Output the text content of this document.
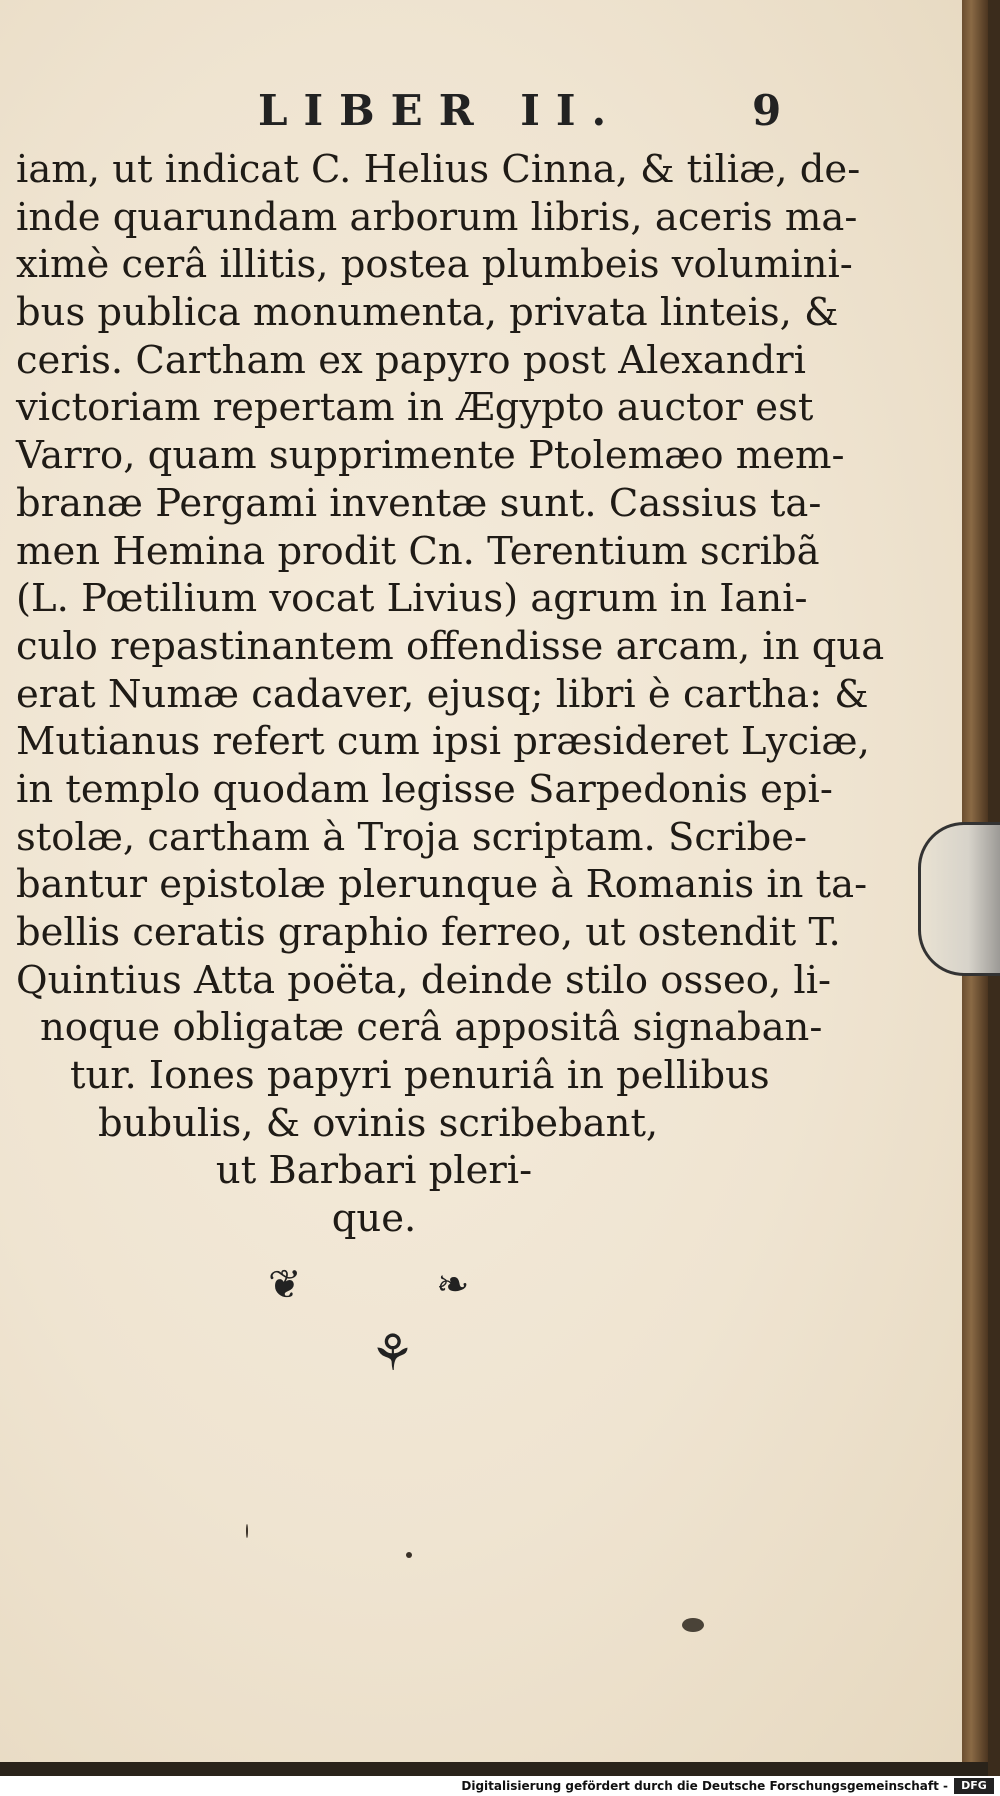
LIBER II.	9
iam, ut indicat C. Helius Cinna, & tiliæ, de-
inde quarundam arborum libris, aceris ma-
ximè cerâ illitis, postea plumbeis volumini-
bus publica monumenta, privata linteis, &
ceris. Cartham ex papyro post Alexandri
victoriam repertam in Ægypto auctor est
Varro, quam supprimente Ptolemæo mem-
branæ Pergami inventæ sunt. Cassius ta-
men Hemina prodit Cn. Terentium scribã
(L. Pœtilium vocat Livius) agrum in Iani-
culo repastinantem offendisse arcam, in qua
erat Numæ cadaver, ejusq; libri è cartha: &
Mutianus refert cum ipsi præsideret Lyciæ,
in templo quodam legisse Sarpedonis epi-
stolæ, cartham à Troja scriptam. Scribe-
bantur epistolæ plerunque à Romanis in ta-
bellis ceratis graphio ferreo, ut ostendit T.
Quintius Atta poëta, deinde stilo osseo, li-
noque obligatæ cerâ appositâ signaban-
tur. Iones papyri penuriâ in pellibus
bubulis, & ovinis scribebant,
ut Barbari pleri-
que.
❦	❧
⚘
Digitalisierung gefördert durch die Deutsche Forschungsgemeinschaft -	DFG
